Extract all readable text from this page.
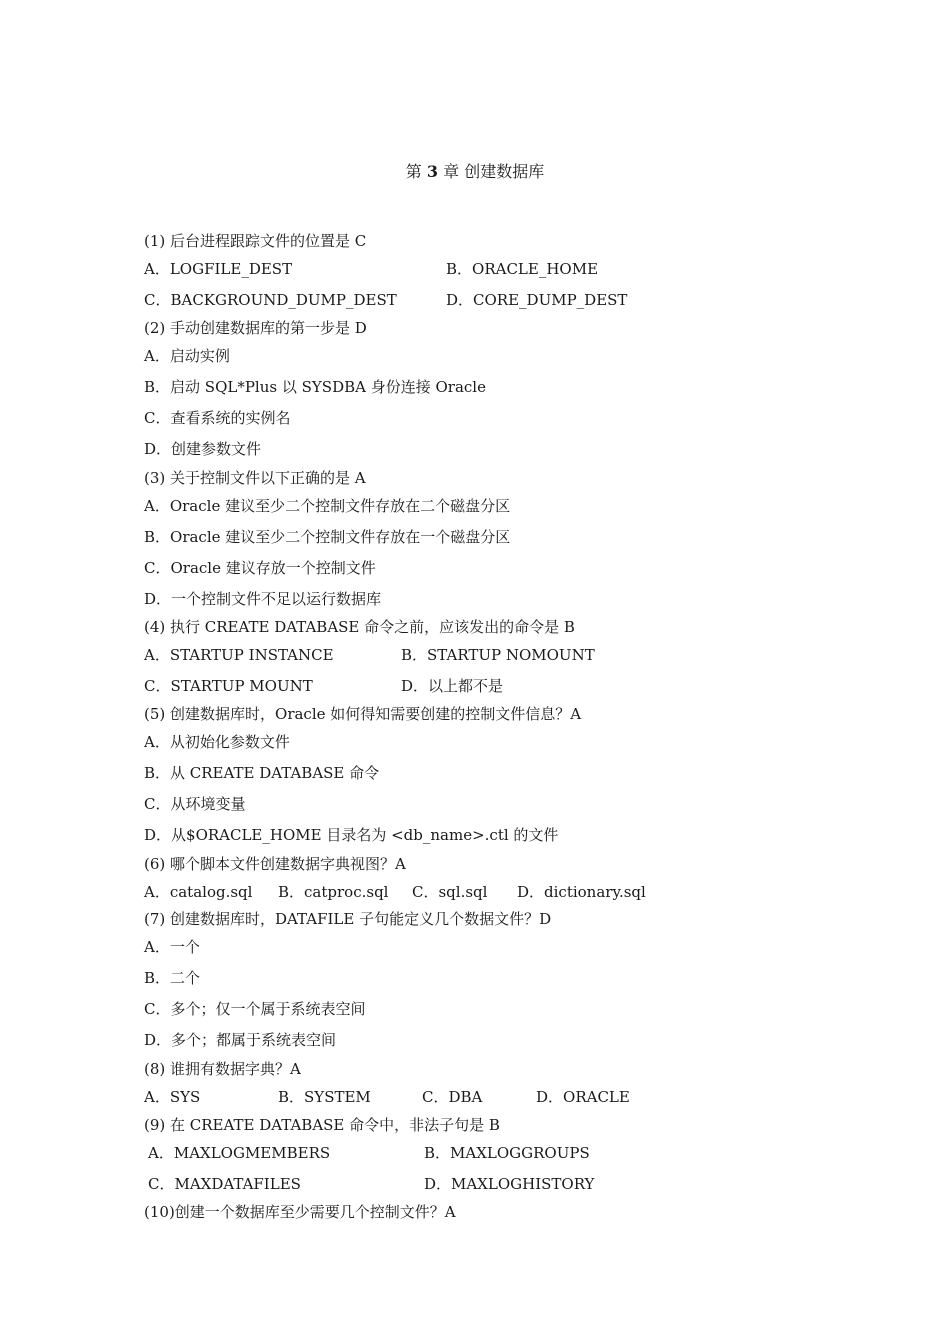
第 3 章 创建数据库
(1) 后台进程跟踪文件的位置是 C
A．LOGFILE_DEST	B．ORACLE_HOME
C．BACKGROUND_DUMP_DEST	D．CORE_DUMP_DEST
(2) 手动创建数据库的第一步是 D
A．启动实例
B．启动 SQL*Plus 以 SYSDBA 身份连接 Oracle
C．查看系统的实例名
D．创建参数文件
(3) 关于控制文件以下正确的是 A
A．Oracle 建议至少二个控制文件存放在二个磁盘分区
B．Oracle 建议至少二个控制文件存放在一个磁盘分区
C．Oracle 建议存放一个控制文件
D．一个控制文件不足以运行数据库
(4) 执行 CREATE DATABASE 命令之前，应该发出的命令是 B
A．STARTUP INSTANCE	B．STARTUP NOMOUNT
C．STARTUP MOUNT	D．以上都不是
(5) 创建数据库时，Oracle 如何得知需要创建的控制文件信息？A
A．从初始化参数文件
B．从 CREATE DATABASE 命令
C．从环境变量
D．从$ORACLE_HOME 目录名为 <db_name>.ctl 的文件
(6) 哪个脚本文件创建数据字典视图？A
A．catalog.sql B．catproc.sql C．sql.sql D．dictionary.sql
(7) 创建数据库时，DATAFILE 子句能定义几个数据文件？D
A．一个
B．二个
C．多个；仅一个属于系统表空间
D．多个；都属于系统表空间
(8) 谁拥有数据字典？A
A．SYS	B．SYSTEM	C．DBA	D．ORACLE
(9) 在 CREATE DATABASE 命令中，非法子句是 B
A．MAXLOGMEMBERS	B．MAXLOGGROUPS
C．MAXDATAFILES	D．MAXLOGHISTORY
(10)创建一个数据库至少需要几个控制文件？A
